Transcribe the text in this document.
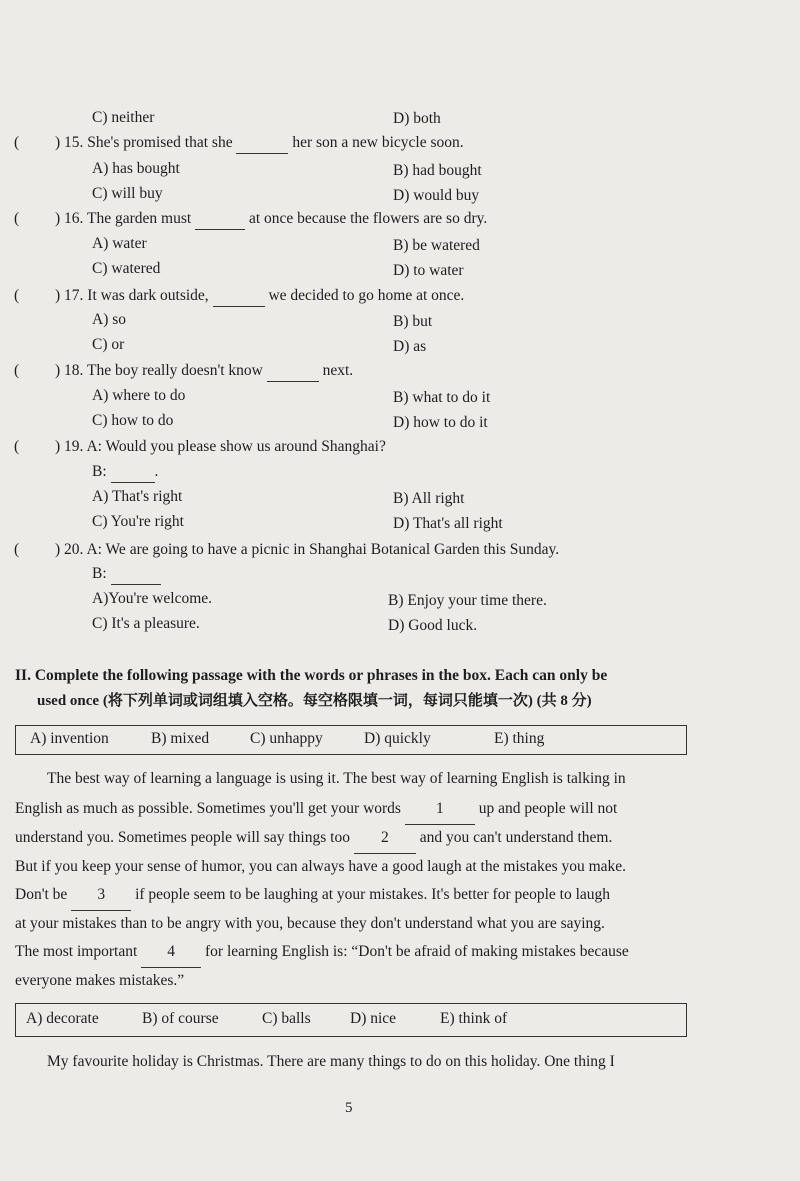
C) neither	D) both
( ) 15. She's promised that she	her son a new bicycle soon.
A) has bought	B) had bought
C) will buy	D) would buy
( ) 16. The garden must	at once because the flowers are so dry.
A) water	B) be watered
C) watered	D) to water
( ) 17. It was dark outside,	we decided to go home at once.
A) so	B) but
C) or	D) as
( ) 18. The boy really doesn't know	next.
A) where to do	B) what to do it
C) how to do	D) how to do it
( ) 19. A: Would you please show us around Shanghai?
B:	.
A) That's right	B) All right
C) You're right	D) That's all right
( ) 20. A: We are going to have a picnic in Shanghai Botanical Garden this Sunday.
B:
A)You're welcome.	B) Enjoy your time there.
C) It's a pleasure.	D) Good luck.
II. Complete the following passage with the words or phrases in the box. Each can only be
used once (将下列单词或词组填入空格。每空格限填一词，每词只能填一次) (共 8 分)
A) invention	B) mixed	C) unhappy	D) quickly	E) thing
The best way of learning a language is using it. The best way of learning English is talking in
English as much as possible. Sometimes you'll get your words 1 up and people will not
understand you. Sometimes people will say things too 2 and you can't understand them.
But if you keep your sense of humor, you can always have a good laugh at the mistakes you make.
Don't be 3 if people seem to be laughing at your mistakes. It's better for people to laugh
at your mistakes than to be angry with you, because they don't understand what you are saying.
The most important 4 for learning English is: “Don't be afraid of making mistakes because
everyone makes mistakes.”
A) decorate	B) of course	C) balls	D) nice	E) think of
My favourite holiday is Christmas. There are many things to do on this holiday. One thing I
5
